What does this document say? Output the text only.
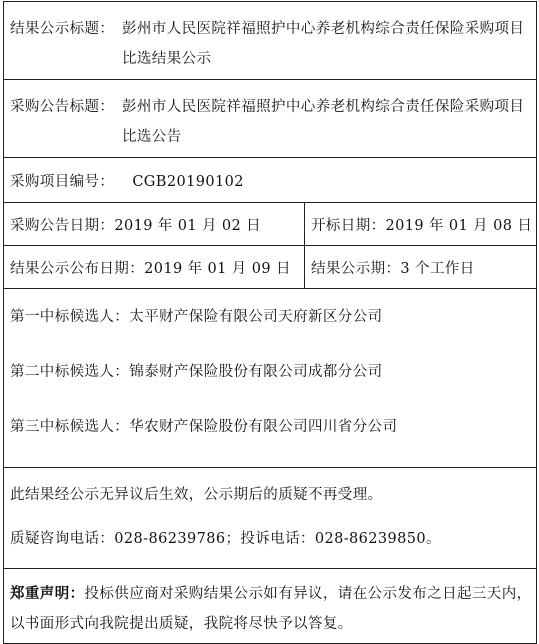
结果公示标题： 彭州市人民医院祥福照护中心养老机构综合责任保险采购项目比选结果公示	

采购公告标题： 彭州市人民医院祥福照护中心养老机构综合责任保险采购项目比选公告	

采购项目编号： CGB20190102	

采购公告日期：2019 年 01 月 02 日	开标日期：2019 年 01 月 08 日

结果公示公布日期：2019 年 01 月 09 日	结果公示期：3 个工作日

第一中标候选人：太平财产保险有限公司天府新区分公司
第二中标候选人：锦泰财产保险股份有限公司成都分公司
第三中标候选人：华农财产保险股份有限公司四川省分公司	

此结果经公示无异议后生效，公示期后的质疑不再受理。
质疑咨询电话：028-86239786；投诉电话：028-86239850。	

郑重声明：投标供应商对采购结果公示如有异议，请在公示发布之日起三天内，以书面形式向我院提出质疑，我院将尽快予以答复。	
